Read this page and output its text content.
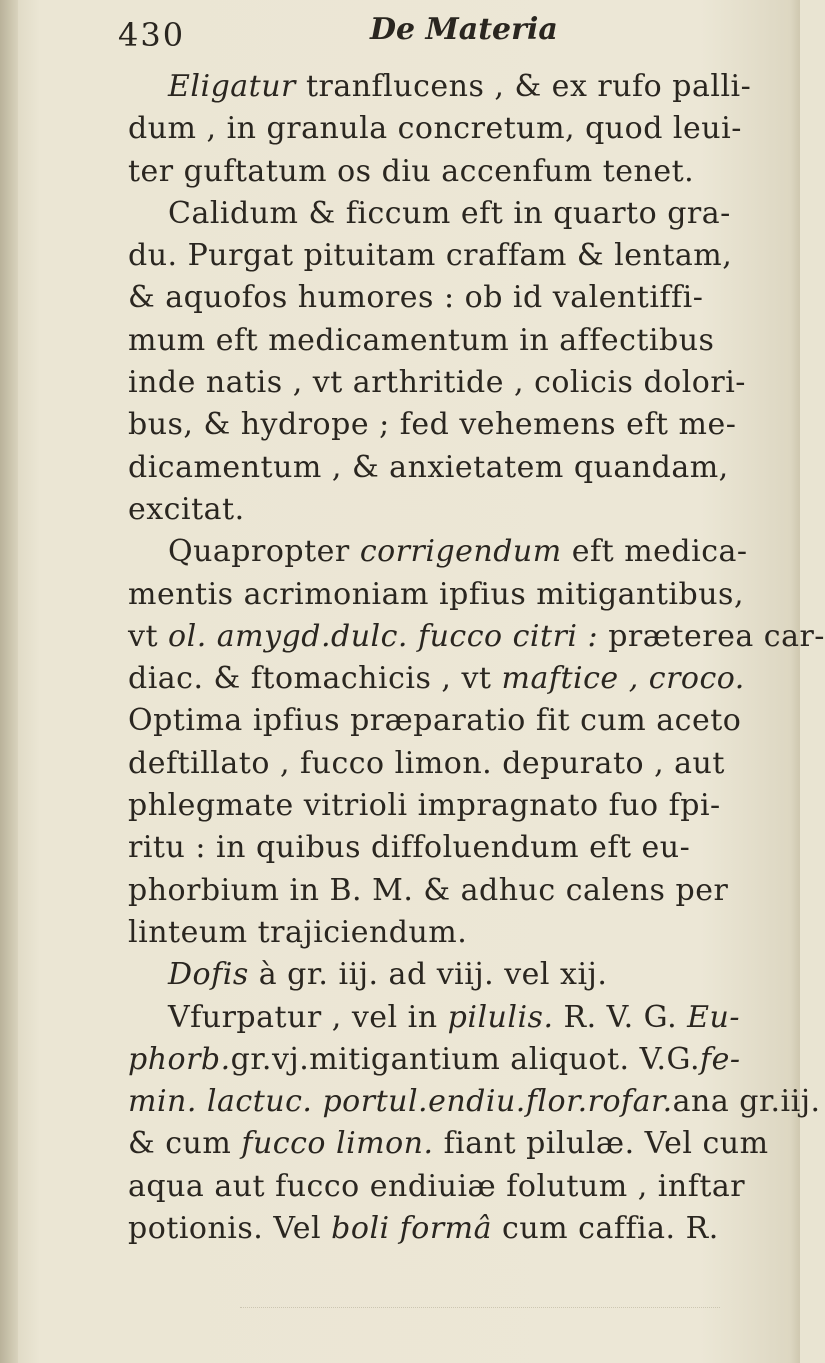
430	De Materia
Eligatur tranflucens , & ex rufo palli-
dum , in granula concretum, quod leui-
ter guftatum os diu accenfum tenet.
Calidum & ficcum eft in quarto gra-
du. Purgat pituitam craffam & lentam,
& aquofos humores : ob id valentiffi-
mum eft medicamentum in affectibus
inde natis , vt arthritide , colicis dolori-
bus, & hydrope ; fed vehemens eft me-
dicamentum , & anxietatem quandam,
excitat.
Quapropter corrigendum eft medica-
mentis acrimoniam ipfius mitigantibus,
vt ol. amygd.dulc. fucco citri : præterea car-
diac. & ftomachicis , vt maftice , croco.
Optima ipfius præparatio fit cum aceto
deftillato , fucco limon. depurato , aut
phlegmate vitrioli impragnato fuo fpi-
ritu : in quibus diffoluendum eft eu-
phorbium in B. M. & adhuc calens per
linteum trajiciendum.
Dofis à gr. iij. ad viij. vel xij.
Vfurpatur , vel in pilulis. R. V. G. Eu-
phorb.gr.vj.mitigantium aliquot. V.G.fe-
min. lactuc. portul.endiu.flor.rofar.ana gr.iij.
& cum fucco limon. fiant pilulæ. Vel cum
aqua aut fucco endiuiæ folutum , inftar
potionis. Vel boli formâ cum caffia. R.
